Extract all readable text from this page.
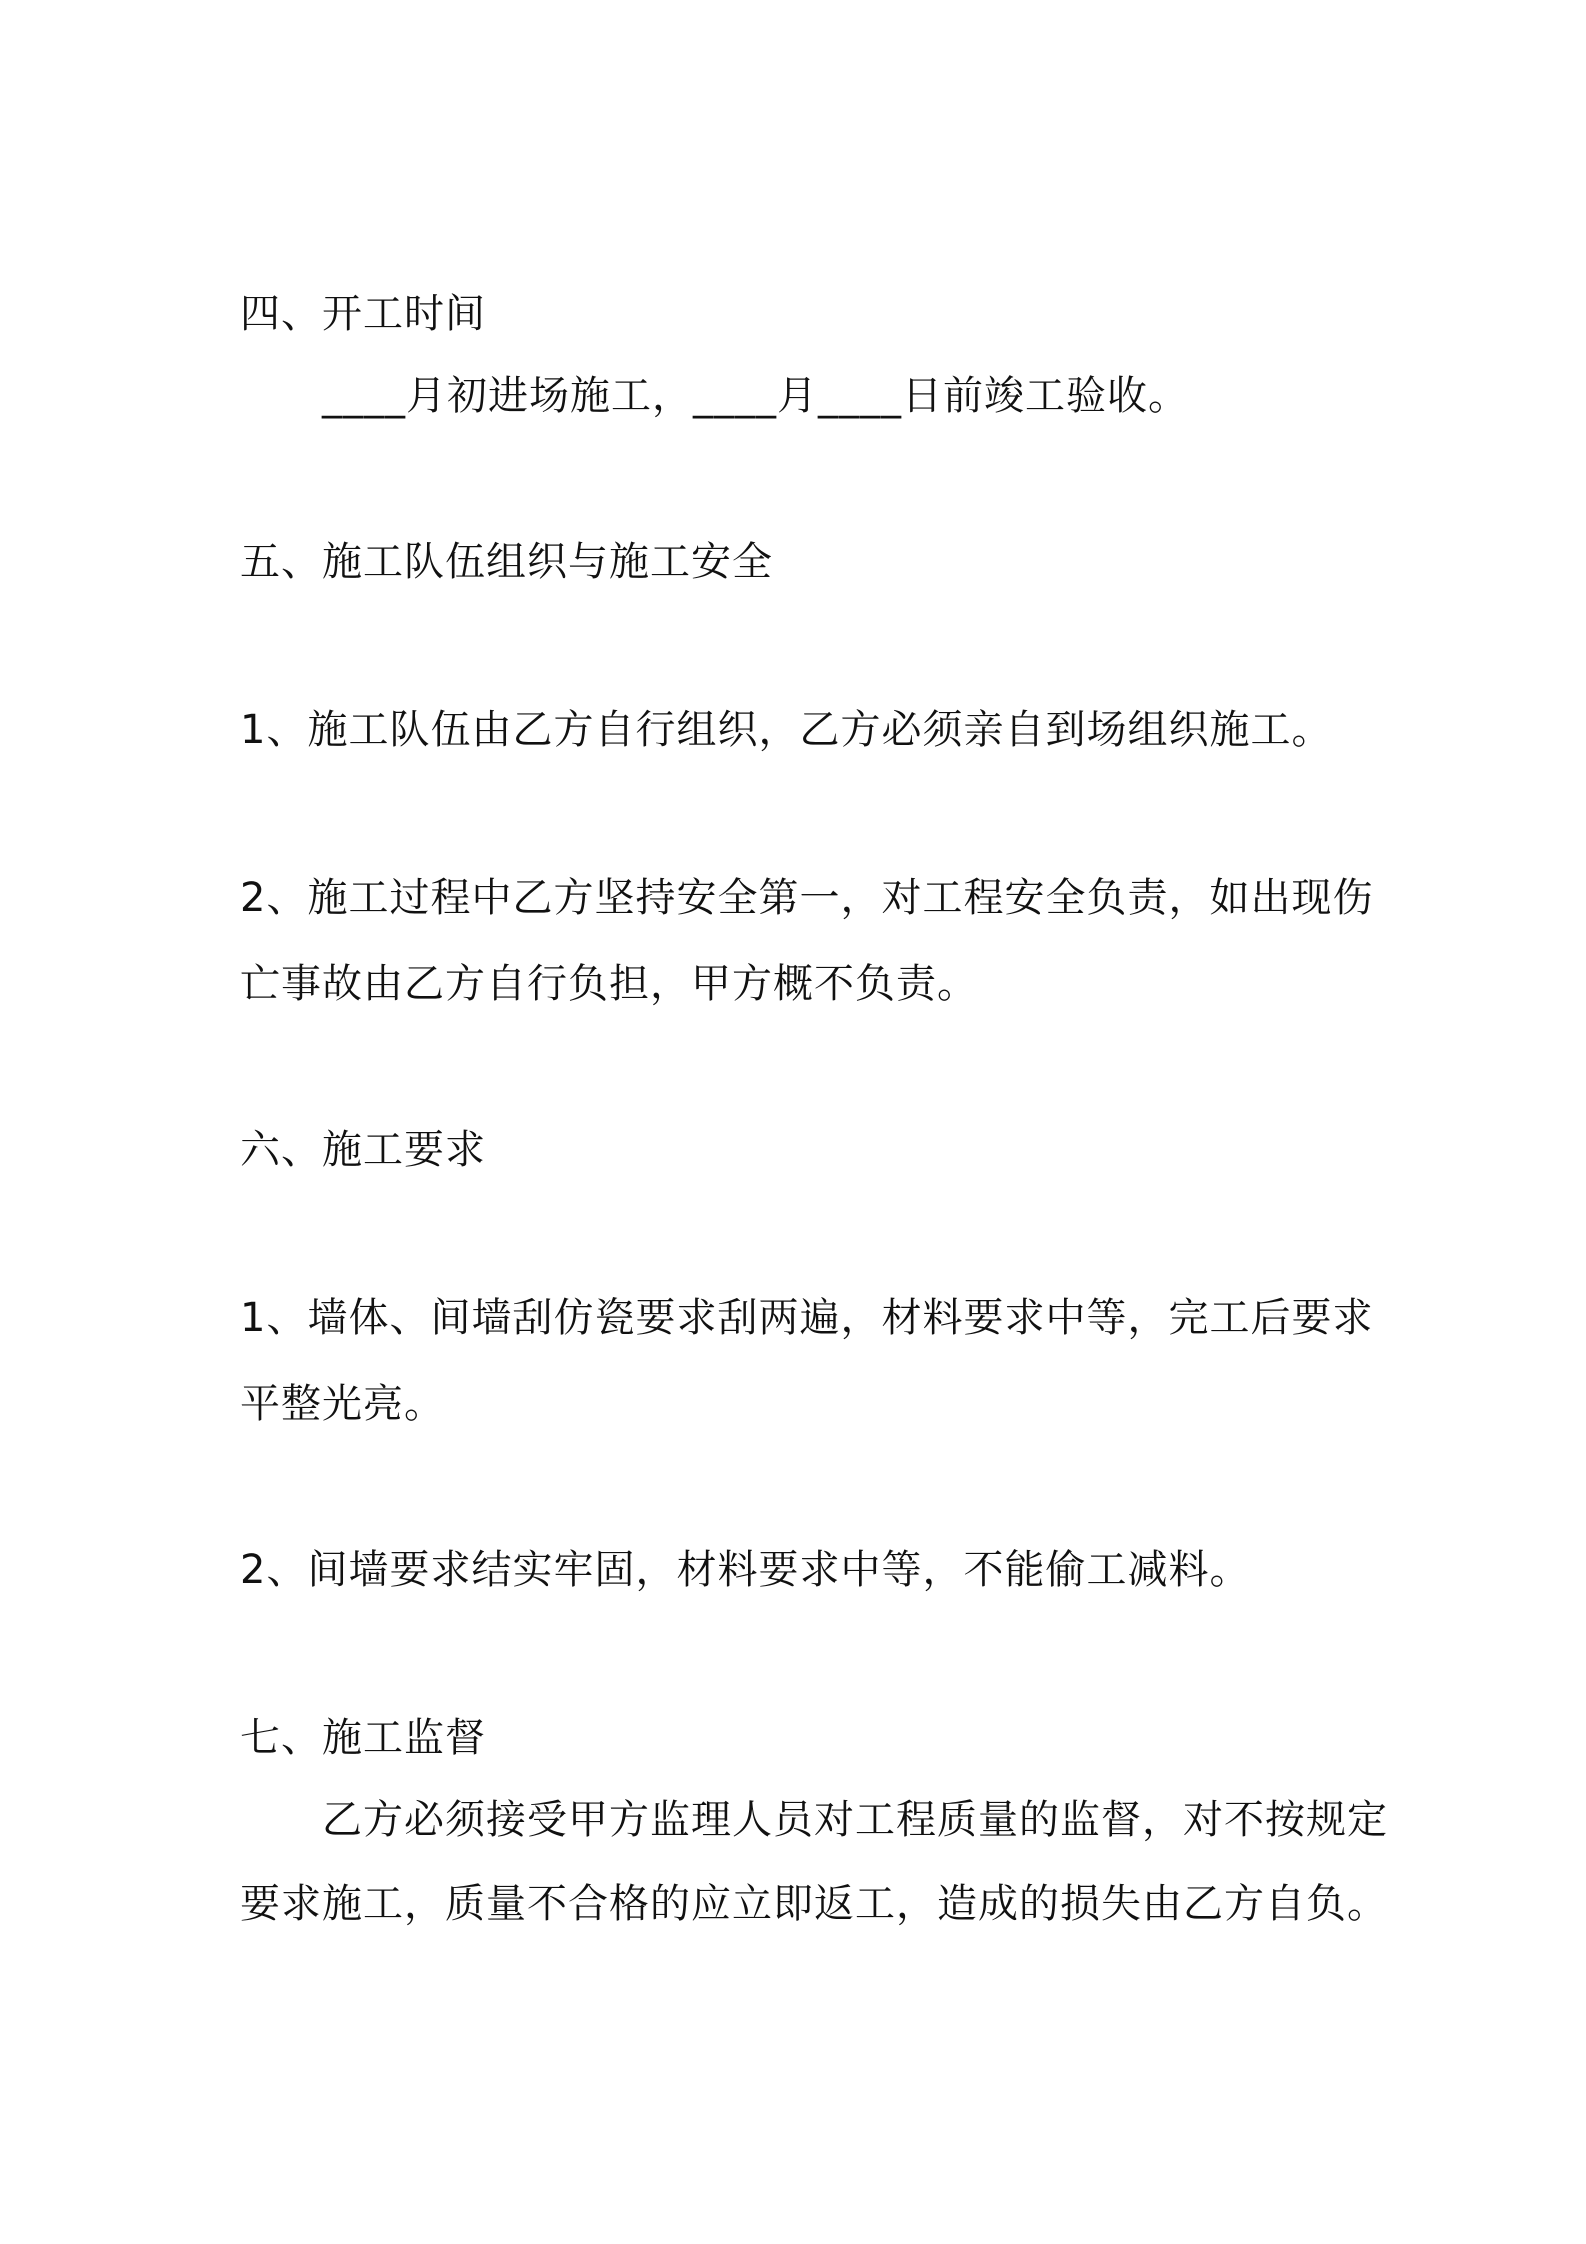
四、开工时间
____月初进场施工，____月____日前竣工验收。
五、施工队伍组织与施工安全
1、施工队伍由乙方自行组织，乙方必须亲自到场组织施工。
2、施工过程中乙方坚持安全第一，对工程安全负责，如出现伤
亡事故由乙方自行负担，甲方概不负责。
六、施工要求
1、墙体、间墙刮仿瓷要求刮两遍，材料要求中等，完工后要求
平整光亮。
2、间墙要求结实牢固，材料要求中等，不能偷工减料。
七、施工监督
乙方必须接受甲方监理人员对工程质量的监督，对不按规定
要求施工，质量不合格的应立即返工，造成的损失由乙方自负。
